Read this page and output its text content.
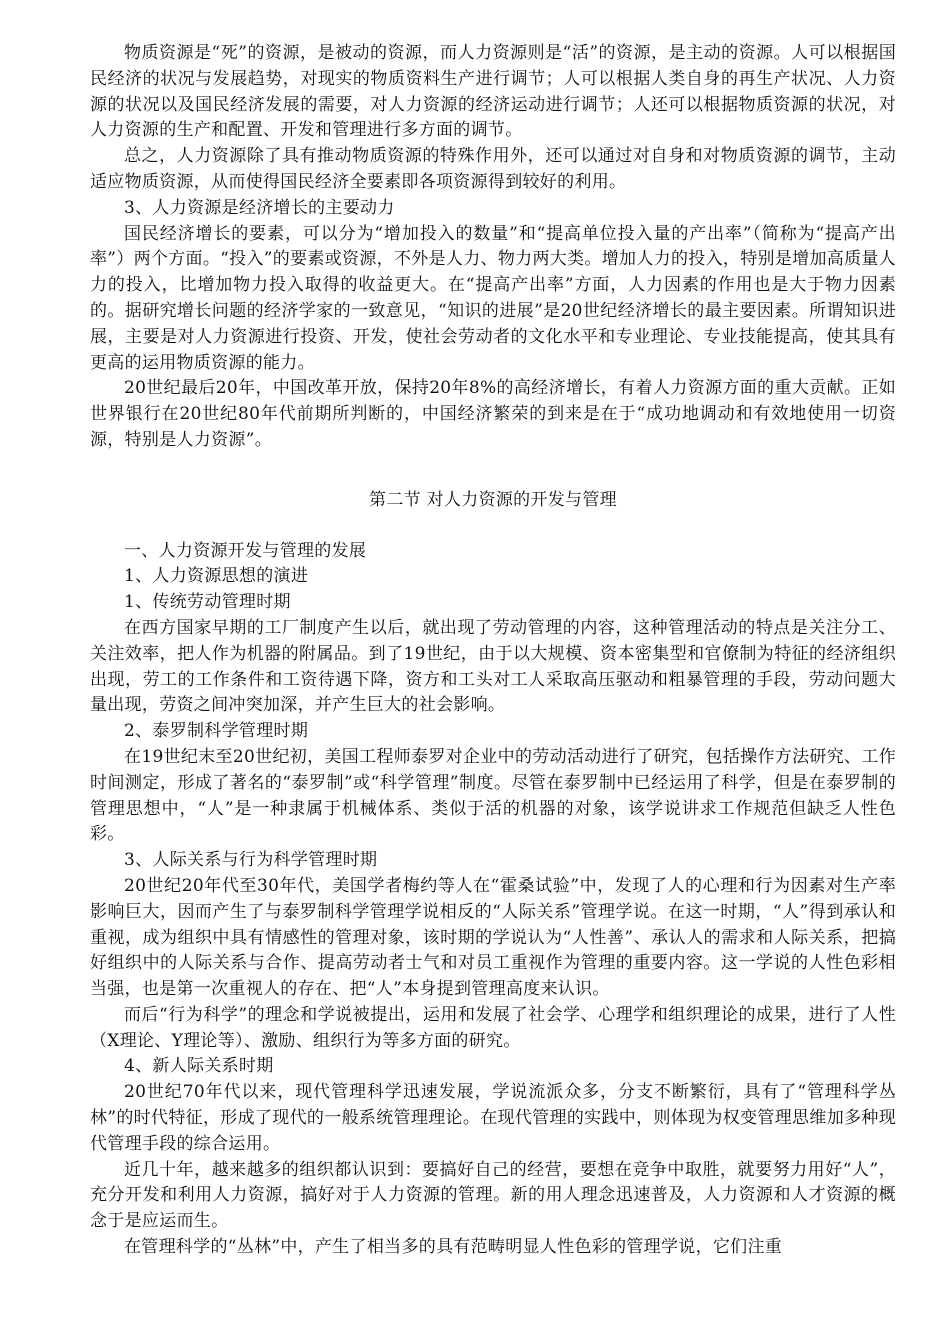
物质资源是“死”的资源，是被动的资源，而人力资源则是“活”的资源，是主动的资源。人可以根据国民经济的状况与发展趋势，对现实的物质资料生产进行调节；人可以根据人类自身的再生产状况、人力资源的状况以及国民经济发展的需要，对人力资源的经济运动进行调节；人还可以根据物质资源的状况，对人力资源的生产和配置、开发和管理进行多方面的调节。

总之，人力资源除了具有推动物质资源的特殊作用外，还可以通过对自身和对物质资源的调节，主动适应物质资源，从而使得国民经济全要素即各项资源得到较好的利用。

3、人力资源是经济增长的主要动力

国民经济增长的要素，可以分为“增加投入的数量”和“提高单位投入量的产出率”（简称为“提高产出率”）两个方面。“投入”的要素或资源，不外是人力、物力两大类。增加人力的投入，特别是增加高质量人力的投入，比增加物力投入取得的收益更大。在“提高产出率”方面，人力因素的作用也是大于物力因素的。据研究增长问题的经济学家的一致意见，“知识的进展”是20世纪经济增长的最主要因素。所谓知识进展，主要是对人力资源进行投资、开发，使社会劳动者的文化水平和专业理论、专业技能提高，使其具有更高的运用物质资源的能力。

20世纪最后20年，中国改革开放，保持20年8%的高经济增长，有着人力资源方面的重大贡献。正如世界银行在20世纪80年代前期所判断的，中国经济繁荣的到来是在于“成功地调动和有效地使用一切资源，特别是人力资源”。

第二节 对人力资源的开发与管理

一、人力资源开发与管理的发展

1、人力资源思想的演进

1、传统劳动管理时期

在西方国家早期的工厂制度产生以后，就出现了劳动管理的内容，这种管理活动的特点是关注分工、关注效率，把人作为机器的附属品。到了19世纪，由于以大规模、资本密集型和官僚制为特征的经济组织出现，劳工的工作条件和工资待遇下降，资方和工头对工人采取高压驱动和粗暴管理的手段，劳动问题大量出现，劳资之间冲突加深，并产生巨大的社会影响。

2、泰罗制科学管理时期

在19世纪末至20世纪初，美国工程师泰罗对企业中的劳动活动进行了研究，包括操作方法研究、工作时间测定，形成了著名的“泰罗制”或“科学管理”制度。尽管在泰罗制中已经运用了科学，但是在泰罗制的管理思想中，“人”是一种隶属于机械体系、类似于活的机器的对象，该学说讲求工作规范但缺乏人性色彩。

3、人际关系与行为科学管理时期

20世纪20年代至30年代，美国学者梅约等人在“霍桑试验”中，发现了人的心理和行为因素对生产率影响巨大，因而产生了与泰罗制科学管理学说相反的“人际关系”管理学说。在这一时期，“人”得到承认和重视，成为组织中具有情感性的管理对象，该时期的学说认为“人性善”、承认人的需求和人际关系，把搞好组织中的人际关系与合作、提高劳动者士气和对员工重视作为管理的重要内容。这一学说的人性色彩相当强，也是第一次重视人的存在、把“人”本身提到管理高度来认识。

而后“行为科学”的理念和学说被提出，运用和发展了社会学、心理学和组织理论的成果，进行了人性（X理论、Y理论等）、激励、组织行为等多方面的研究。

4、新人际关系时期

20世纪70年代以来，现代管理科学迅速发展，学说流派众多，分支不断繁衍，具有了“管理科学丛林”的时代特征，形成了现代的一般系统管理理论。在现代管理的实践中，则体现为权变管理思维加多种现代管理手段的综合运用。

近几十年，越来越多的组织都认识到：要搞好自己的经营，要想在竞争中取胜，就要努力用好“人”，充分开发和利用人力资源，搞好对于人力资源的管理。新的用人理念迅速普及，人力资源和人才资源的概念于是应运而生。

在管理科学的“丛林”中，产生了相当多的具有范畴明显人性色彩的管理学说，它们注重
